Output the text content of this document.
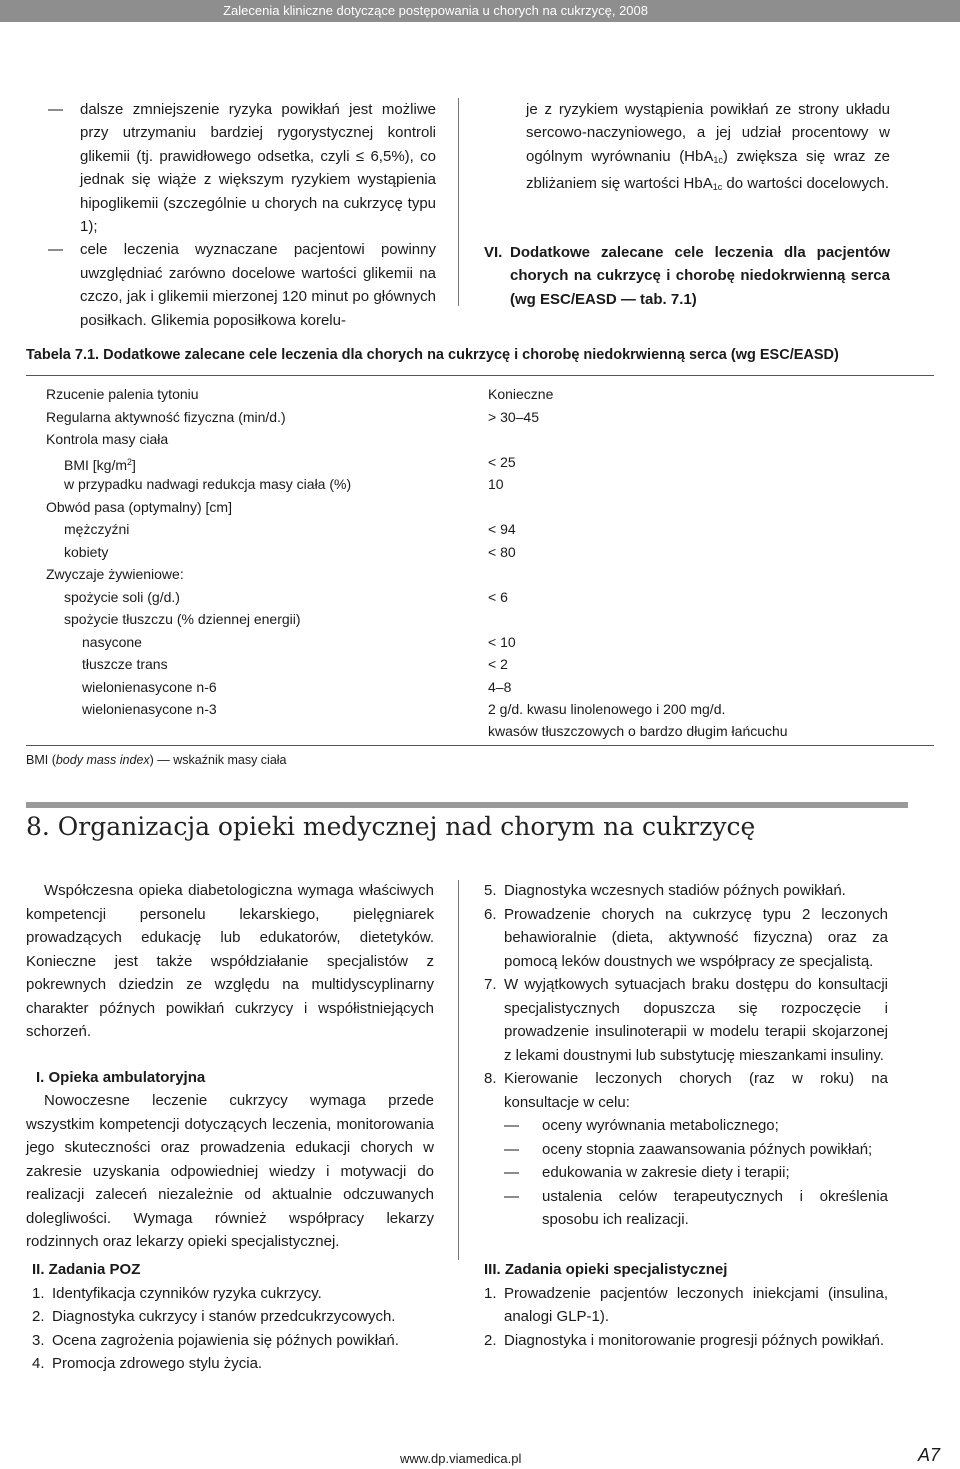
Zalecenia kliniczne dotyczące postępowania u chorych na cukrzycę, 2008
—	dalsze zmniejszenie ryzyka powikłań jest możliwe przy utrzymaniu bardziej rygorystycznej kontroli glikemii (tj. prawidłowego odsetka, czyli ≤ 6,5%), co jednak się wiąże z większym ryzykiem wystąpienia hipoglikemii (szczególnie u chorych na cukrzycę typu 1);
—	cele leczenia wyznaczane pacjentowi powinny uwzględniać zarówno docelowe wartości glikemii na czczo, jak i glikemii mierzonej 120 minut po głównych posiłkach. Glikemia poposiłkowa korelu-

je z ryzykiem wystąpienia powikłań ze strony układu sercowo-naczyniowego, a jej udział procentowy w ogólnym wyrównaniu (HbA$_{1c}$) zwiększa się wraz ze zbliżaniem się wartości HbA$_{1c}$ do wartości docelowych.

VI. Dodatkowe zalecane cele leczenia dla pacjentów chorych na cukrzycę i chorobę niedokrwienną serca (wg ESC/EASD — tab. 7.1)
Tabela 7.1. Dodatkowe zalecane cele leczenia dla chorych na cukrzycę i chorobę niedokrwienną serca (wg ESC/EASD)
Rzucenie palenia tytoniu	Konieczne
Regularna aktywność fizyczna (min/d.)	> 30–45
Kontrola masy ciała
BMI $[kg/m^2]$	< 25
w przypadku nadwagi redukcja masy ciała (%)	10
Obwód pasa (optymalny) [cm]
mężczyźni	< 94
kobiety	< 80
Zwyczaje żywieniowe:
spożycie soli (g/d.)	< 6
spożycie tłuszczu (% dziennej energii)
nasycone	< 10
tłuszcze trans	< 2
wielonienasycone n-6	4–8
wielonienasycone n-3	2 g/d. kwasu linolenowego i 200 mg/d.
kwasów tłuszczowych o bardzo długim łańcuchu
BMI (body mass index) — wskaźnik masy ciała
8. Organizacja opieki medycznej nad chorym na cukrzycę

Współczesna opieka diabetologiczna wymaga właściwych kompetencji personelu lekarskiego, pielęgniarek prowadzących edukację lub edukatorów, dietetyków. Konieczne jest także współdziałanie specjalistów z pokrewnych dziedzin ze względu na multidyscyplinarny charakter późnych powikłań cukrzycy i współistniejących schorzeń.

I. Opieka ambulatoryjna

Nowoczesne leczenie cukrzycy wymaga przede wszystkim kompetencji dotyczących leczenia, monitorowania jego skuteczności oraz prowadzenia edukacji chorych w zakresie uzyskania odpowiedniej wiedzy i motywacji do realizacji zaleceń niezależnie od aktualnie odczuwanych dolegliwości. Wymaga również współpracy lekarzy rodzinnych oraz lekarzy opieki specjalistycznej.

II. Zadania POZ

1. Identyfikacja czynników ryzyka cukrzycy.
2. Diagnostyka cukrzycy i stanów przedcukrzycowych.
3. Ocena zagrożenia pojawienia się późnych powikłań.
4. Promocja zdrowego stylu życia.
5. Diagnostyka wczesnych stadiów późnych powikłań.
6. Prowadzenie chorych na cukrzycę typu 2 leczonych behawioralnie (dieta, aktywność fizyczna) oraz za pomocą leków doustnych we współpracy ze specjalistą.
7. W wyjątkowych sytuacjach braku dostępu do konsultacji specjalistycznych dopuszcza się rozpoczęcie i prowadzenie insulinoterapii w modelu terapii skojarzonej z lekami doustnymi lub substytucję mieszankami insuliny.
8. Kierowanie leczonych chorych (raz w roku) na konsultacje w celu:
—	oceny wyrównania metabolicznego;
—	oceny stopnia zaawansowania późnych powikłań;
—	edukowania w zakresie diety i terapii;
—	ustalenia celów terapeutycznych i określenia sposobu ich realizacji.

III. Zadania opieki specjalistycznej

1. Prowadzenie pacjentów leczonych iniekcjami (insulina, analogi GLP-1).
2. Diagnostyka i monitorowanie progresji późnych powikłań.
www.dp.viamedica.pl	A7
